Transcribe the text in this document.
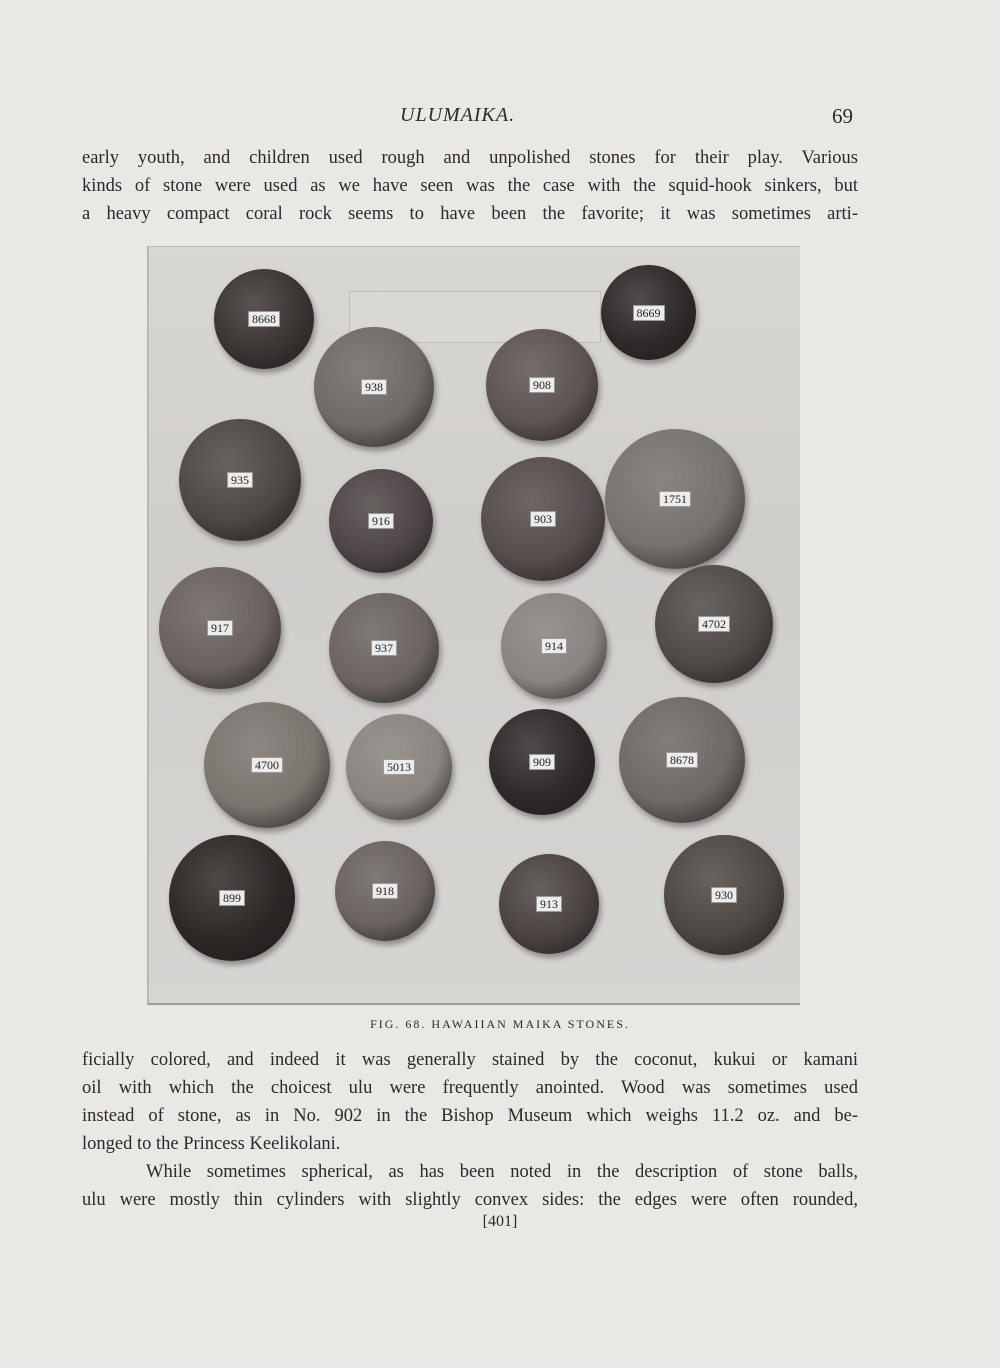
ULUMAIKA.	69
early youth, and children used rough and unpolished stones for their play. Various
kinds of stone were used as we have seen was the case with the squid-hook sinkers, but
a heavy compact coral rock seems to have been the favorite; it was sometimes arti-
8668	8669
938	908
935
916	903
1751
917
937	914
4702
4700	5013	909	8678
899	918
913
930
FIG. 68. HAWAIIAN MAIKA STONES.
ficially colored, and indeed it was generally stained by the coconut, kukui or kamani
oil with which the choicest ulu were frequently anointed. Wood was sometimes used
instead of stone, as in No. 902 in the Bishop Museum which weighs 11.2 oz. and be-
longed to the Princess Keelikolani.
While sometimes spherical, as has been noted in the description of stone balls,
ulu were mostly thin cylinders with slightly convex sides: the edges were often rounded,
[401]
